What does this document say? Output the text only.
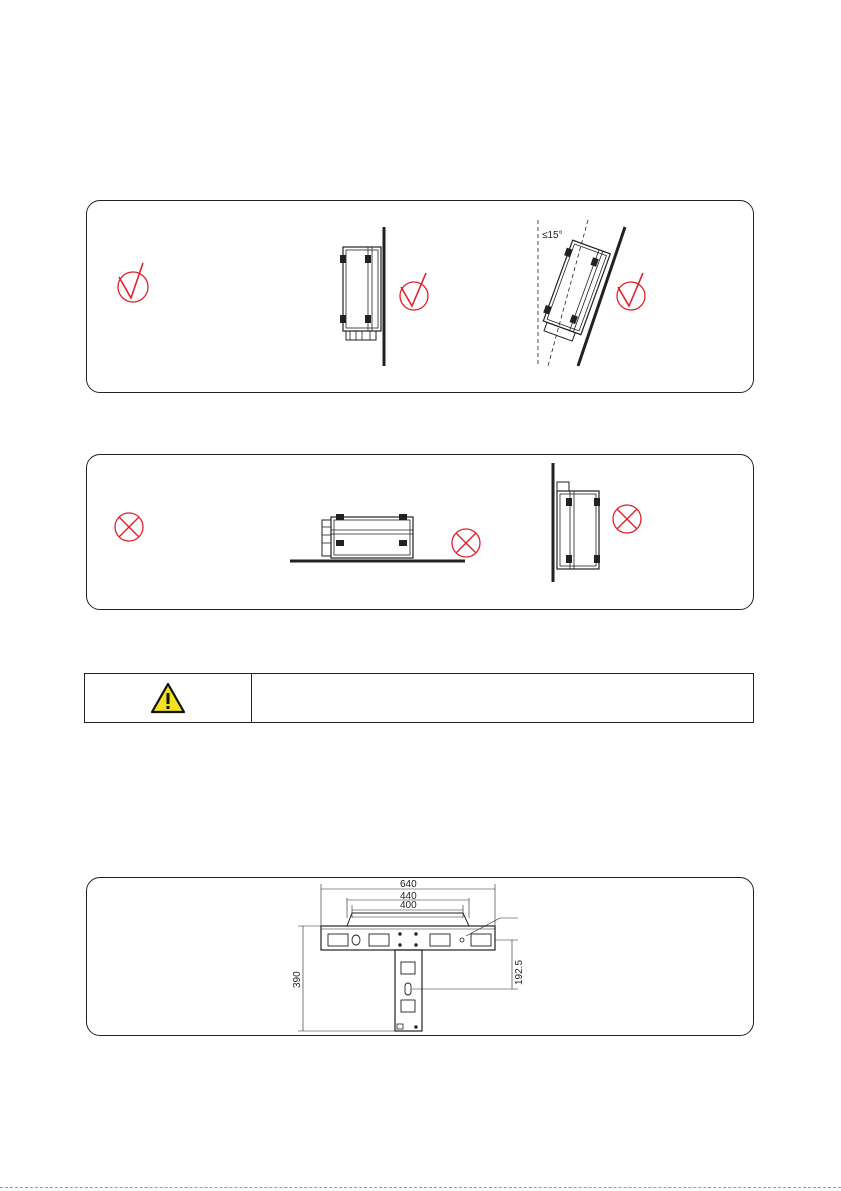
≤15°
640
440
400
390	192.5
